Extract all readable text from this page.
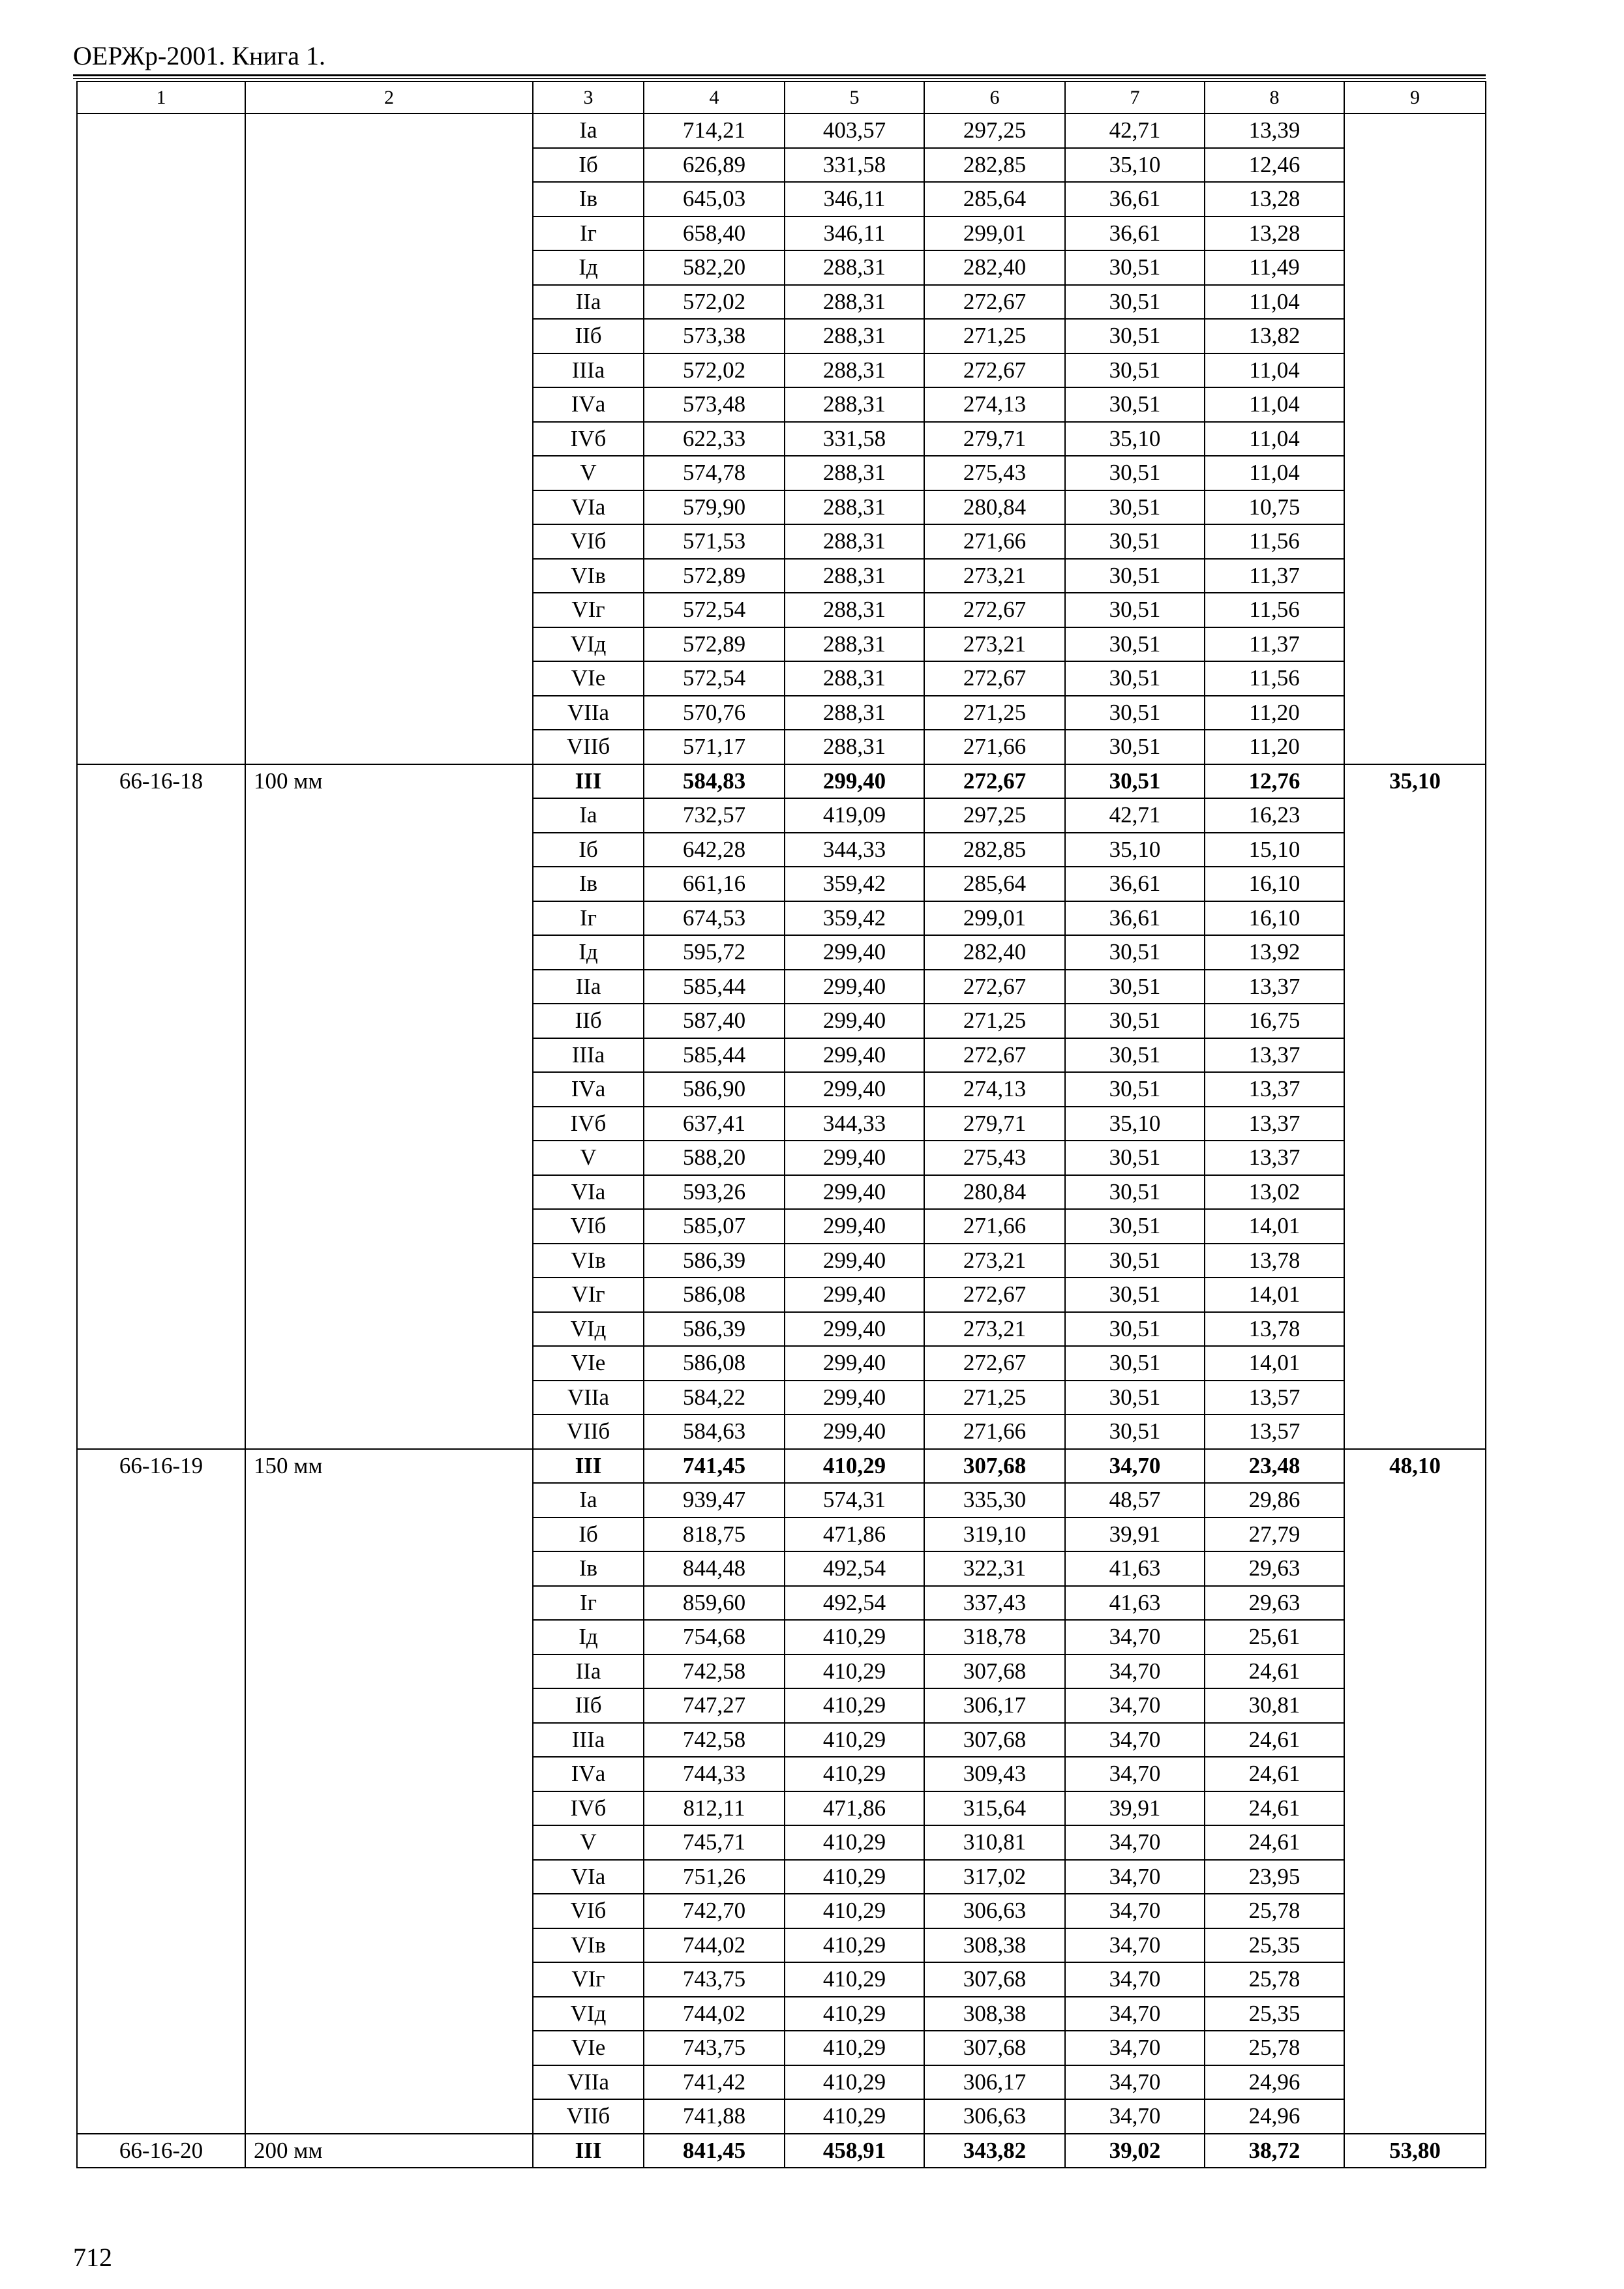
ОЕРЖр-2001. Книга 1.
1	2	3	4	5	6	7	8	9
		Iа	714,21	403,57	297,25	42,71	13,39	
		Iб	626,89	331,58	282,85	35,10	12,46	
		Iв	645,03	346,11	285,64	36,61	13,28	
		Iг	658,40	346,11	299,01	36,61	13,28	
		Iд	582,20	288,31	282,40	30,51	11,49	
		IIа	572,02	288,31	272,67	30,51	11,04	
		IIб	573,38	288,31	271,25	30,51	13,82	
		IIIа	572,02	288,31	272,67	30,51	11,04	
		IVа	573,48	288,31	274,13	30,51	11,04	
		IVб	622,33	331,58	279,71	35,10	11,04	
		V	574,78	288,31	275,43	30,51	11,04	
		VIа	579,90	288,31	280,84	30,51	10,75	
		VIб	571,53	288,31	271,66	30,51	11,56	
		VIв	572,89	288,31	273,21	30,51	11,37	
		VIг	572,54	288,31	272,67	30,51	11,56	
		VIд	572,89	288,31	273,21	30,51	11,37	
		VIе	572,54	288,31	272,67	30,51	11,56	
		VIIа	570,76	288,31	271,25	30,51	11,20	
		VIIб	571,17	288,31	271,66	30,51	11,20	
66-16-18	100 мм	III	584,83	299,40	272,67	30,51	12,76	35,10
		Iа	732,57	419,09	297,25	42,71	16,23	
		Iб	642,28	344,33	282,85	35,10	15,10	
		Iв	661,16	359,42	285,64	36,61	16,10	
		Iг	674,53	359,42	299,01	36,61	16,10	
		Iд	595,72	299,40	282,40	30,51	13,92	
		IIа	585,44	299,40	272,67	30,51	13,37	
		IIб	587,40	299,40	271,25	30,51	16,75	
		IIIа	585,44	299,40	272,67	30,51	13,37	
		IVа	586,90	299,40	274,13	30,51	13,37	
		IVб	637,41	344,33	279,71	35,10	13,37	
		V	588,20	299,40	275,43	30,51	13,37	
		VIа	593,26	299,40	280,84	30,51	13,02	
		VIб	585,07	299,40	271,66	30,51	14,01	
		VIв	586,39	299,40	273,21	30,51	13,78	
		VIг	586,08	299,40	272,67	30,51	14,01	
		VIд	586,39	299,40	273,21	30,51	13,78	
		VIе	586,08	299,40	272,67	30,51	14,01	
		VIIа	584,22	299,40	271,25	30,51	13,57	
		VIIб	584,63	299,40	271,66	30,51	13,57	
66-16-19	150 мм	III	741,45	410,29	307,68	34,70	23,48	48,10
		Iа	939,47	574,31	335,30	48,57	29,86	
		Iб	818,75	471,86	319,10	39,91	27,79	
		Iв	844,48	492,54	322,31	41,63	29,63	
		Iг	859,60	492,54	337,43	41,63	29,63	
		Iд	754,68	410,29	318,78	34,70	25,61	
		IIа	742,58	410,29	307,68	34,70	24,61	
		IIб	747,27	410,29	306,17	34,70	30,81	
		IIIа	742,58	410,29	307,68	34,70	24,61	
		IVа	744,33	410,29	309,43	34,70	24,61	
		IVб	812,11	471,86	315,64	39,91	24,61	
		V	745,71	410,29	310,81	34,70	24,61	
		VIа	751,26	410,29	317,02	34,70	23,95	
		VIб	742,70	410,29	306,63	34,70	25,78	
		VIв	744,02	410,29	308,38	34,70	25,35	
		VIг	743,75	410,29	307,68	34,70	25,78	
		VIд	744,02	410,29	308,38	34,70	25,35	
		VIе	743,75	410,29	307,68	34,70	25,78	
		VIIа	741,42	410,29	306,17	34,70	24,96	
		VIIб	741,88	410,29	306,63	34,70	24,96	
66-16-20	200 мм	III	841,45	458,91	343,82	39,02	38,72	53,80
712
